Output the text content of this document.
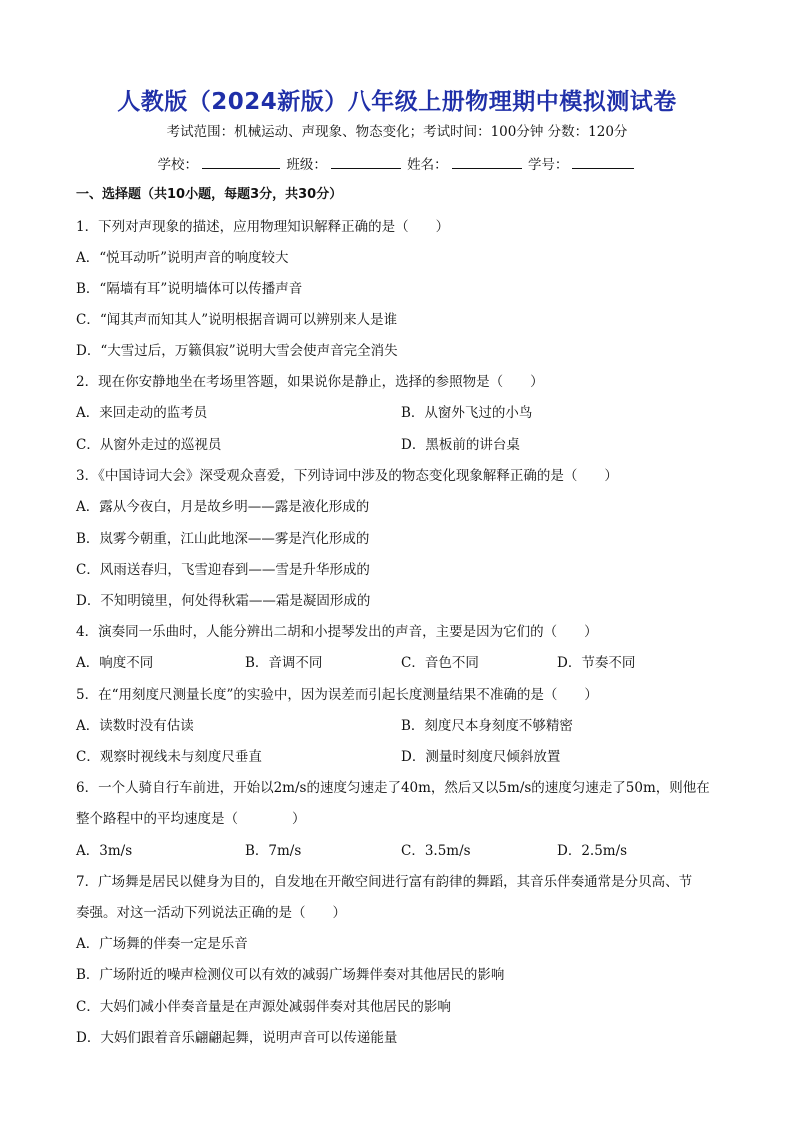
人教版（2024新版）八年级上册物理期中模拟测试卷
考试范围：机械运动、声现象、物态变化；考试时间：100分钟 分数：120分
学校：	班级：	姓名：	学号：
一、选择题（共10小题，每题3分，共30分）
1．下列对声现象的描述，应用物理知识解释正确的是（　　）
A．“悦耳动听”说明声音的响度较大
B．“隔墙有耳”说明墙体可以传播声音
C．“闻其声而知其人”说明根据音调可以辨别来人是谁
D．“大雪过后，万籁俱寂”说明大雪会使声音完全消失
2．现在你安静地坐在考场里答题，如果说你是静止，选择的参照物是（　　）
A．来回走动的监考员	B．从窗外飞过的小鸟
C．从窗外走过的巡视员	D．黑板前的讲台桌
3．《中国诗词大会》深受观众喜爱，下列诗词中涉及的物态变化现象解释正确的是（　　）
A．露从今夜白，月是故乡明——露是液化形成的
B．岚雾今朝重，江山此地深——雾是汽化形成的
C．风雨送春归，飞雪迎春到——雪是升华形成的
D．不知明镜里，何处得秋霜——霜是凝固形成的
4．演奏同一乐曲时，人能分辨出二胡和小提琴发出的声音，主要是因为它们的（　　）
A．响度不同	B．音调不同	C．音色不同	D．节奏不同
5．在“用刻度尺测量长度”的实验中，因为误差而引起长度测量结果不准确的是（　　）
A．读数时没有估读	B．刻度尺本身刻度不够精密
C．观察时视线未与刻度尺垂直	D．测量时刻度尺倾斜放置
6．一个人骑自行车前进，开始以2m/s的速度匀速走了40m，然后又以5m/s的速度匀速走了50m，则他在
整个路程中的平均速度是（　　　　）
A．3m/s	B．7m/s	C．3.5m/s	D．2.5m/s
7．广场舞是居民以健身为目的，自发地在开敞空间进行富有韵律的舞蹈，其音乐伴奏通常是分贝高、节
奏强。对这一活动下列说法正确的是（　　）
A．广场舞的伴奏一定是乐音
B．广场附近的噪声检测仪可以有效的减弱广场舞伴奏对其他居民的影响
C．大妈们减小伴奏音量是在声源处减弱伴奏对其他居民的影响
D．大妈们跟着音乐翩翩起舞，说明声音可以传递能量
